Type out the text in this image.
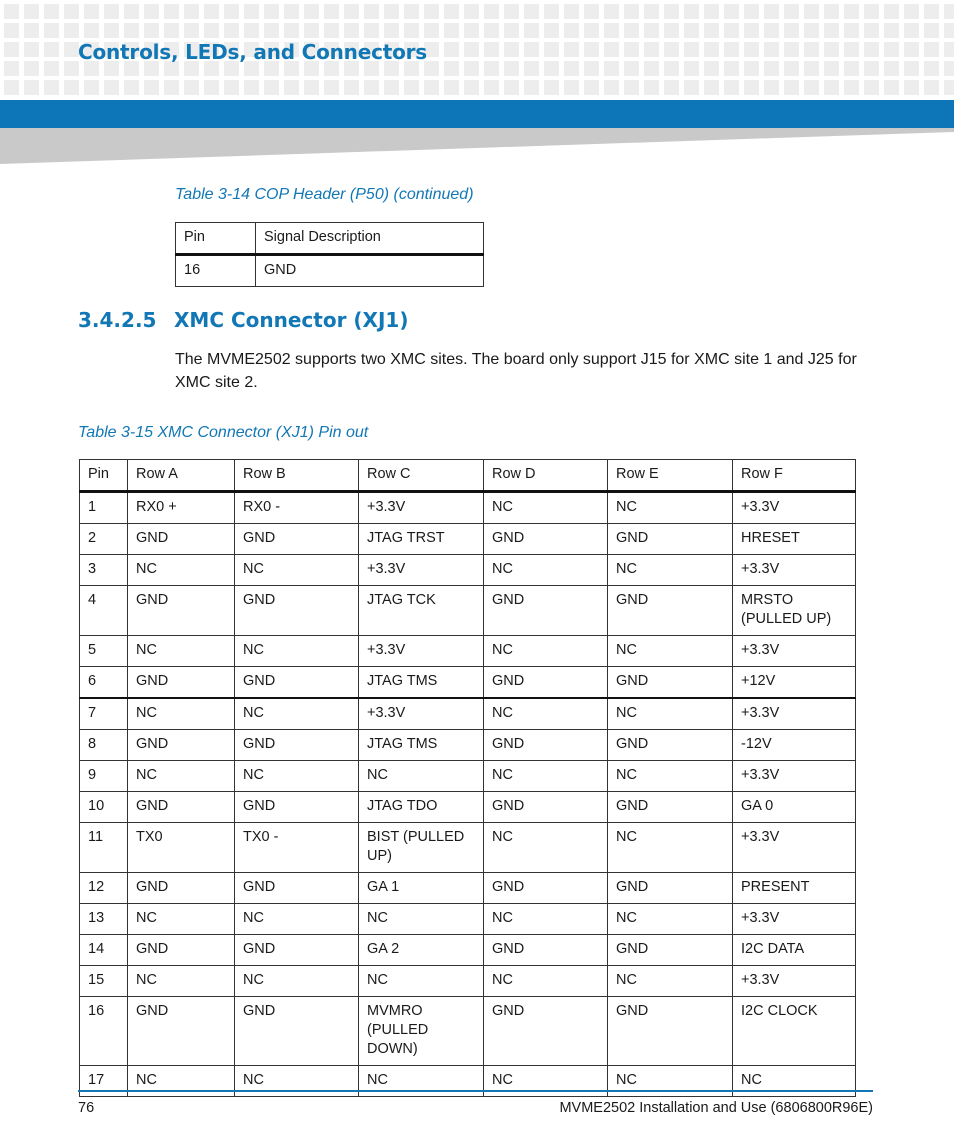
Controls, LEDs, and Connectors
Table 3-14 COP Header (P50) (continued)
Pin	Signal Description
16	GND
3.4.2.5 XMC Connector (XJ1)
The MVME2502 supports two XMC sites. The board only support J15 for XMC site 1 and J25 for XMC site 2.
Table 3-15 XMC Connector (XJ1) Pin out
Pin	Row A	Row B	Row C	Row D	Row E	Row F
1	RX0 +	RX0 -	+3.3V	NC	NC	+3.3V
2	GND	GND	JTAG TRST	GND	GND	HRESET
3	NC	NC	+3.3V	NC	NC	+3.3V
4	GND	GND	JTAG TCK	GND	GND	MRSTO (PULLED UP)
5	NC	NC	+3.3V	NC	NC	+3.3V
6	GND	GND	JTAG TMS	GND	GND	+12V
7	NC	NC	+3.3V	NC	NC	+3.3V
8	GND	GND	JTAG TMS	GND	GND	-12V
9	NC	NC	NC	NC	NC	+3.3V
10	GND	GND	JTAG TDO	GND	GND	GA 0
11	TX0	TX0 -	BIST (PULLED UP)	NC	NC	+3.3V
12	GND	GND	GA 1	GND	GND	PRESENT
13	NC	NC	NC	NC	NC	+3.3V
14	GND	GND	GA 2	GND	GND	I2C DATA
15	NC	NC	NC	NC	NC	+3.3V
16	GND	GND	MVMRO (PULLED DOWN)	GND	GND	I2C CLOCK
17	NC	NC	NC	NC	NC	NC
76	MVME2502 Installation and Use (6806800R96E)
